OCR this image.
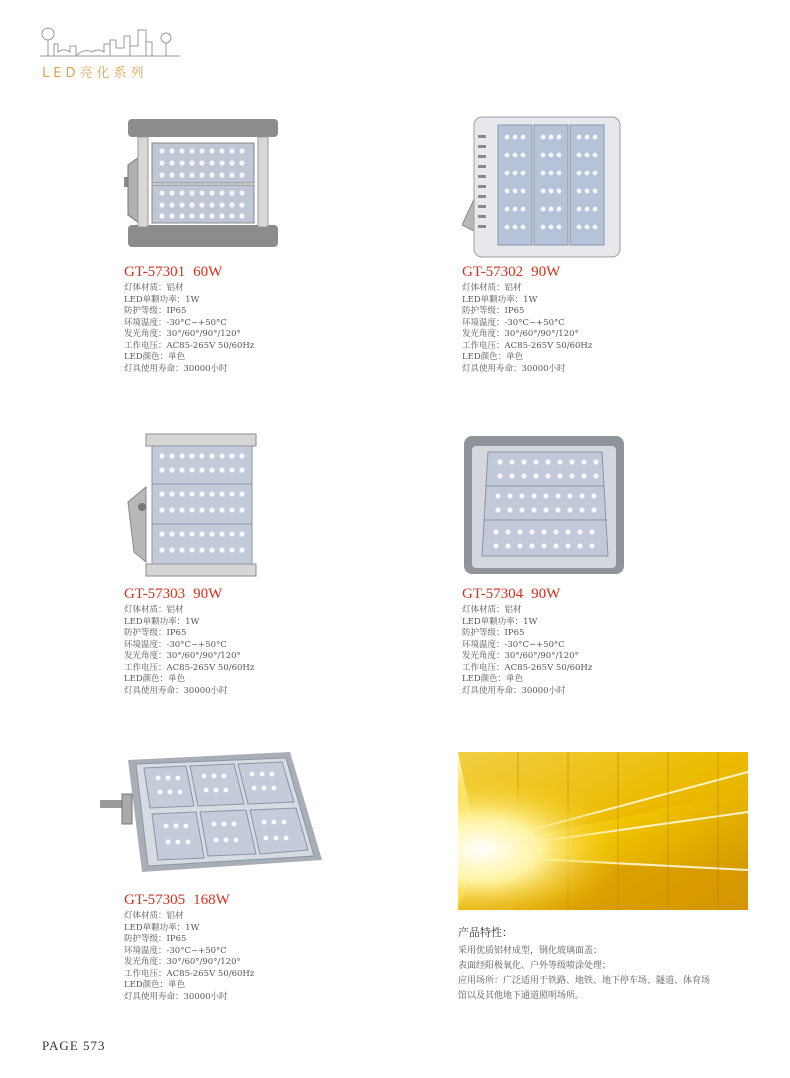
LED亮化系列
GT-57301 60W
灯体材质：铝材
LED单颗功率：1W
防护等级：IP65
环境温度：-30°C~+50°C
发光角度：30°/60°/90°/120°
工作电压：AC85-265V 50/60Hz
LED颜色：单色
灯具使用寿命：30000小时
GT-57302 90W
灯体材质：铝材
LED单颗功率：1W
防护等级：IP65
环境温度：-30°C~+50°C
发光角度：30°/60°/90°/120°
工作电压：AC85-265V 50/60Hz
LED颜色：单色
灯具使用寿命：30000小时
GT-57303 90W
灯体材质：铝材
LED单颗功率：1W
防护等级：IP65
环境温度：-30°C~+50°C
发光角度：30°/60°/90°/120°
工作电压：AC85-265V 50/60Hz
LED颜色：单色
灯具使用寿命：30000小时
GT-57304 90W
灯体材质：铝材
LED单颗功率：1W
防护等级：IP65
环境温度：-30°C~+50°C
发光角度：30°/60°/90°/120°
工作电压：AC85-265V 50/60Hz
LED颜色：单色
灯具使用寿命：30000小时
GT-57305 168W
灯体材质：铝材
LED单颗功率：1W
防护等级：IP65
环境温度：-30°C~+50°C
发光角度：30°/60°/90°/120°
工作电压：AC85-265V 50/60Hz
LED颜色：单色
灯具使用寿命：30000小时
产品特性：
采用优质铝材成型，钢化玻璃面盖；
表面经阳极氧化、户外等级喷涂处理；
应用场所：广泛适用于铁路、地铁、地下停车场、隧道、体育场
馆以及其他地下通道照明场所。
PAGE 573
